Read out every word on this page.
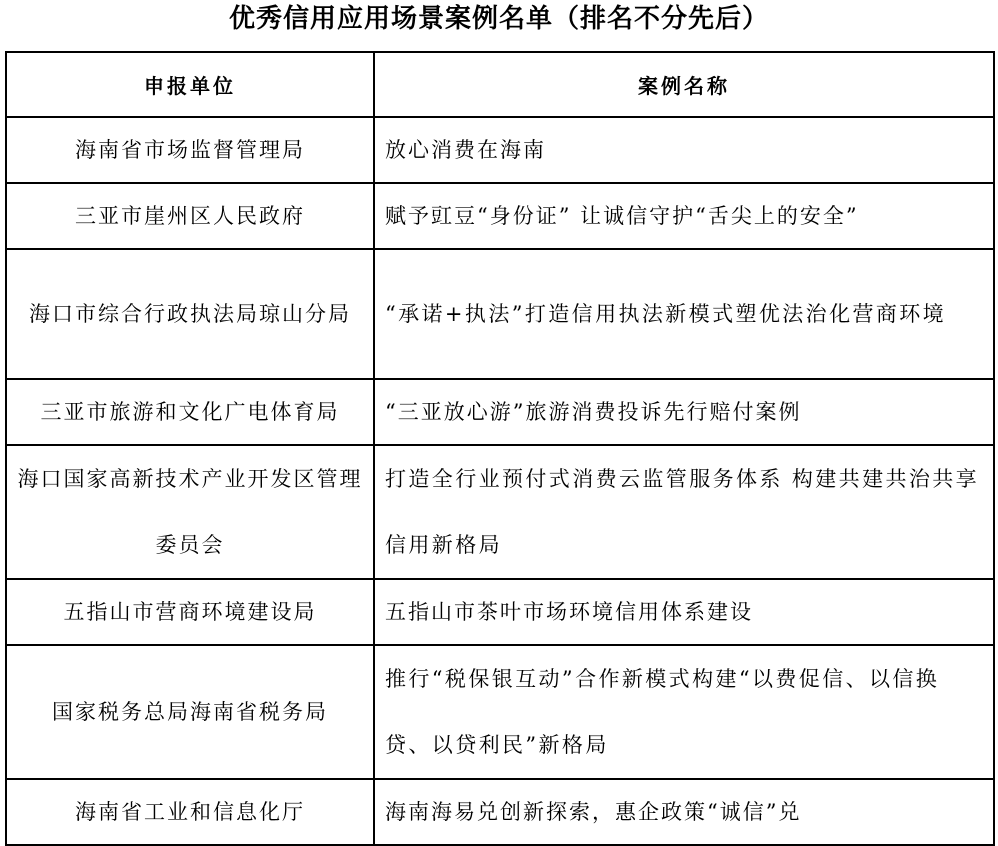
优秀信用应用场景案例名单（排名不分先后）
申报单位	案例名称
海南省市场监督管理局	放心消费在海南
三亚市崖州区人民政府	赋予豇豆“身份证” 让诚信守护“舌尖上的安全”
海口市综合行政执法局琼山分局	“承诺+执法”打造信用执法新模式塑优法治化营商环境
三亚市旅游和文化广电体育局	“三亚放心游”旅游消费投诉先行赔付案例
海口国家高新技术产业开发区管理委员会	打造全行业预付式消费云监管服务体系 构建共建共治共享信用新格局
五指山市营商环境建设局	五指山市茶叶市场环境信用体系建设
国家税务总局海南省税务局	推行“税保银互动”合作新模式构建“以费促信、以信换贷、以贷利民”新格局
海南省工业和信息化厅	海南海易兑创新探索，惠企政策“诚信”兑
